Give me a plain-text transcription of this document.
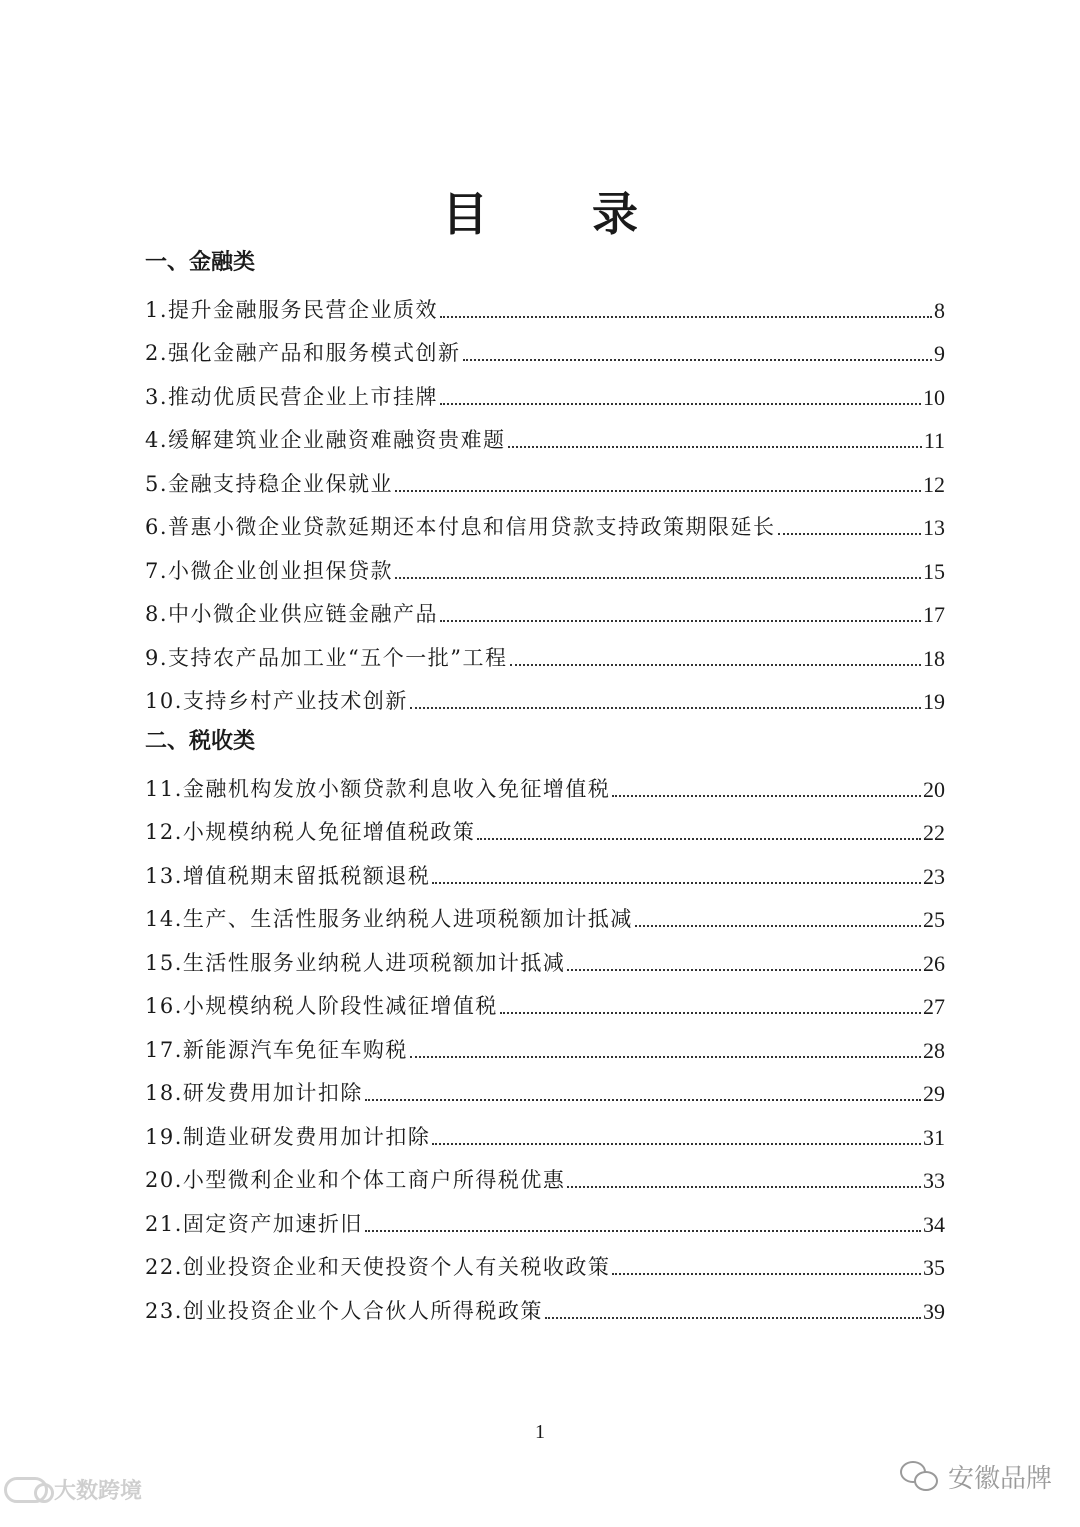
目 录
一、金融类
1.提升金融服务民营企业质效	8
2.强化金融产品和服务模式创新	9
3.推动优质民营企业上市挂牌	10
4.缓解建筑业企业融资难融资贵难题	11
5.金融支持稳企业保就业	12
6.普惠小微企业贷款延期还本付息和信用贷款支持政策期限延长	13
7.小微企业创业担保贷款	15
8.中小微企业供应链金融产品	17
9.支持农产品加工业“五个一批”工程	18
10.支持乡村产业技术创新	19
二、税收类
11.金融机构发放小额贷款利息收入免征增值税	20
12.小规模纳税人免征增值税政策	22
13.增值税期末留抵税额退税	23
14.生产、生活性服务业纳税人进项税额加计抵减	25
15.生活性服务业纳税人进项税额加计抵减	26
16.小规模纳税人阶段性减征增值税	27
17.新能源汽车免征车购税	28
18.研发费用加计扣除	29
19.制造业研发费用加计扣除	31
20.小型微利企业和个体工商户所得税优惠	33
21.固定资产加速折旧	34
22.创业投资企业和天使投资个人有关税收政策	35
23.创业投资企业个人合伙人所得税政策	39
1
大数跨境	安徽品牌
